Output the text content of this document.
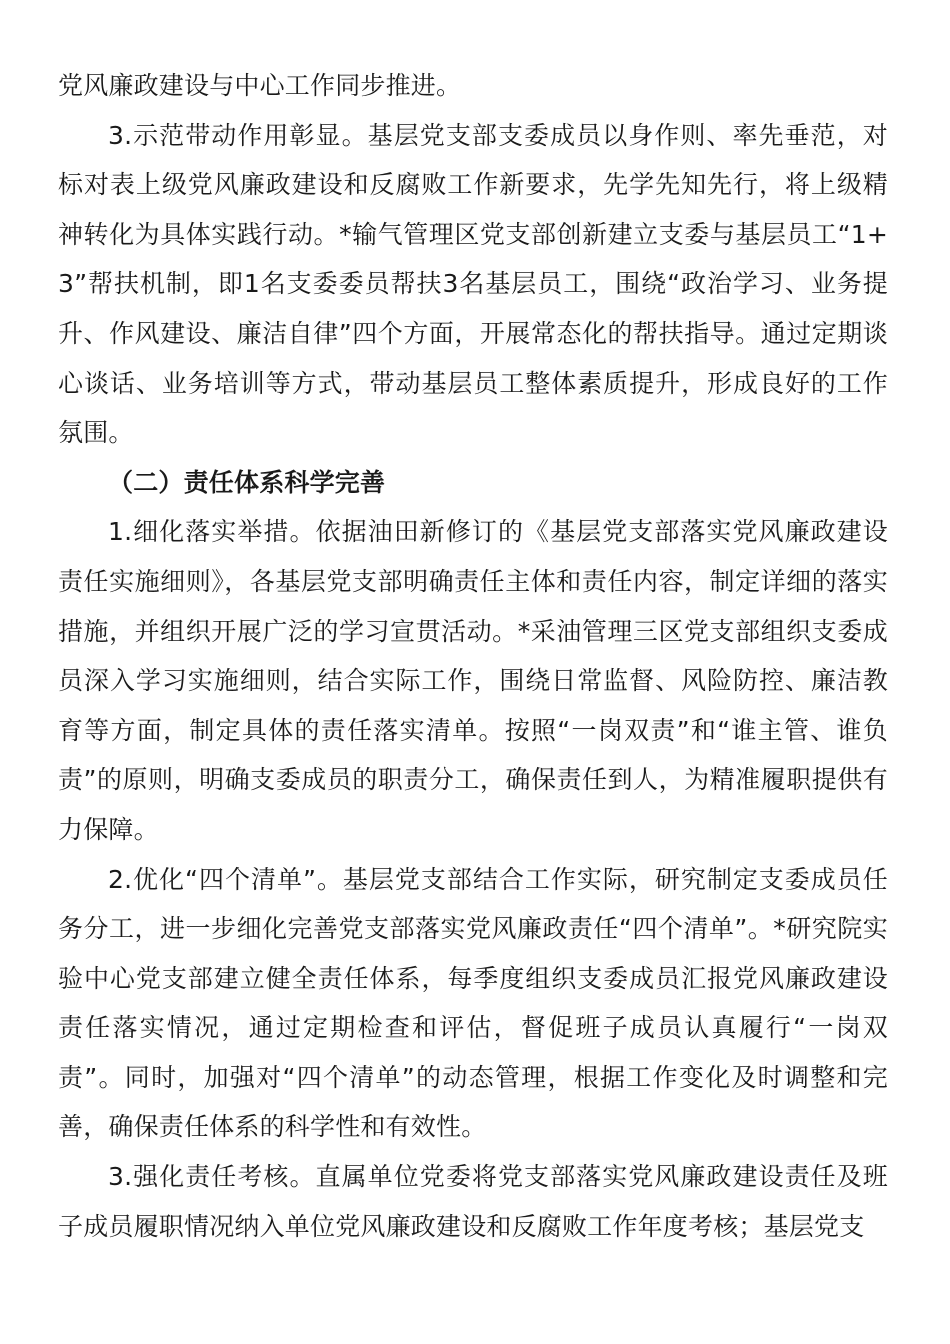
党风廉政建设与中心工作同步推进。

3.示范带动作用彰显。基层党支部支委成员以身作则、率先垂范，对标对表上级党风廉政建设和反腐败工作新要求，先学先知先行，将上级精神转化为具体实践行动。*输气管理区党支部创新建立支委与基层员工“1+3”帮扶机制，即1名支委委员帮扶3名基层员工，围绕“政治学习、业务提升、作风建设、廉洁自律”四个方面，开展常态化的帮扶指导。通过定期谈心谈话、业务培训等方式，带动基层员工整体素质提升，形成良好的工作氛围。

（二）责任体系科学完善

1.细化落实举措。依据油田新修订的《基层党支部落实党风廉政建设责任实施细则》，各基层党支部明确责任主体和责任内容，制定详细的落实措施，并组织开展广泛的学习宣贯活动。*采油管理三区党支部组织支委成员深入学习实施细则，结合实际工作，围绕日常监督、风险防控、廉洁教育等方面，制定具体的责任落实清单。按照“一岗双责”和“谁主管、谁负责”的原则，明确支委成员的职责分工，确保责任到人，为精准履职提供有力保障。

2.优化“四个清单”。基层党支部结合工作实际，研究制定支委成员任务分工，进一步细化完善党支部落实党风廉政责任“四个清单”。*研究院实验中心党支部建立健全责任体系，每季度组织支委成员汇报党风廉政建设责任落实情况，通过定期检查和评估，督促班子成员认真履行“一岗双责”。同时，加强对“四个清单”的动态管理，根据工作变化及时调整和完善，确保责任体系的科学性和有效性。

3.强化责任考核。直属单位党委将党支部落实党风廉政建设责任及班子成员履职情况纳入单位党风廉政建设和反腐败工作年度考核；基层党支
